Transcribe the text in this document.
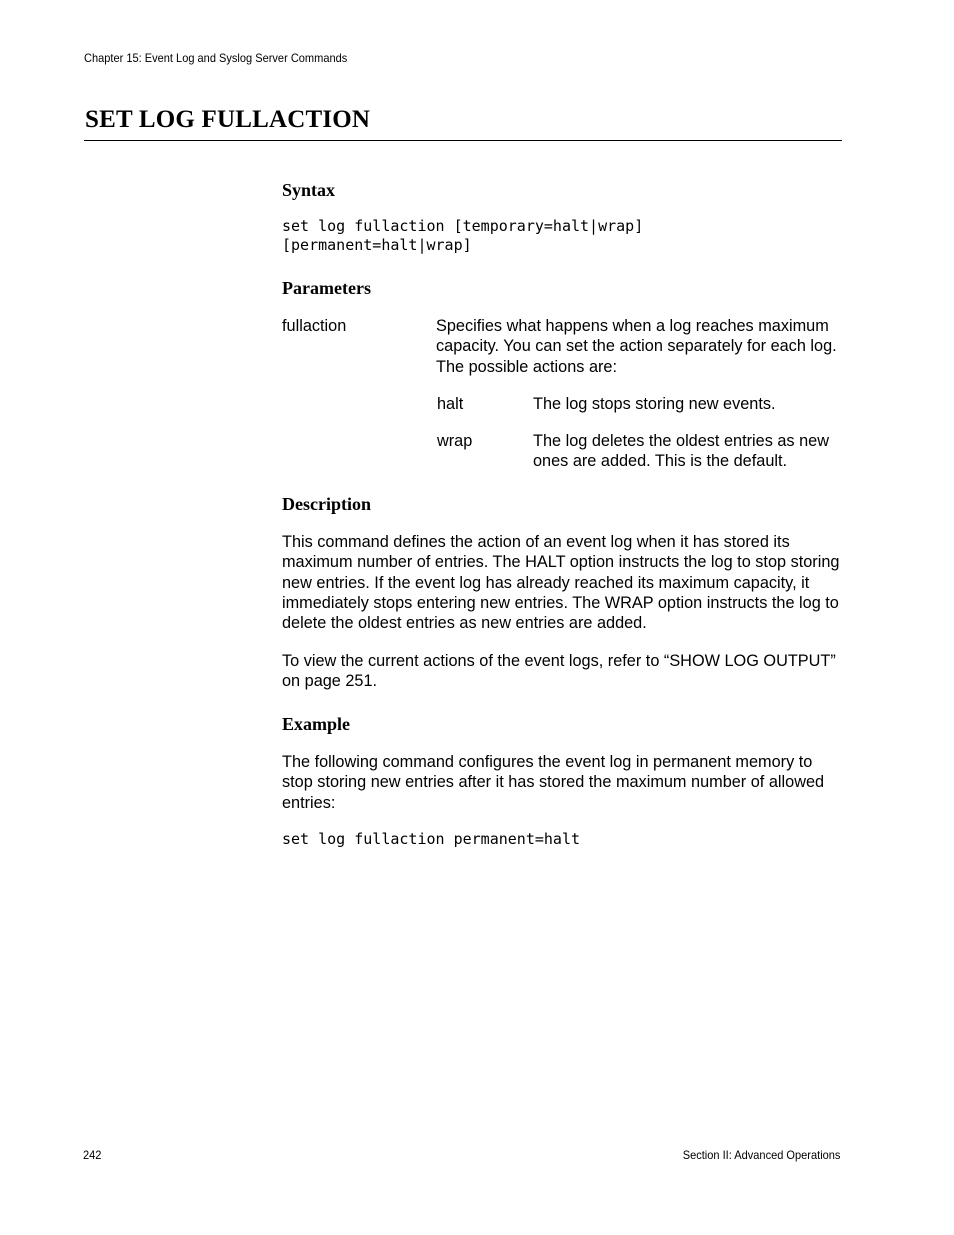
Chapter 15: Event Log and Syslog Server Commands
SET LOG FULLACTION
Syntax
set log fullaction [temporary=halt|wrap]
[permanent=halt|wrap]
Parameters
fullaction	Specifies what happens when a log reaches maximum capacity. You can set the action separately for each log. The possible actions are:
halt	The log stops storing new events.
wrap	The log deletes the oldest entries as new ones are added. This is the default.
Description
This command defines the action of an event log when it has stored its maximum number of entries. The HALT option instructs the log to stop storing new entries. If the event log has already reached its maximum capacity, it immediately stops entering new entries. The WRAP option instructs the log to delete the oldest entries as new entries are added.
To view the current actions of the event logs, refer to “SHOW LOG OUTPUT” on page 251.
Example
The following command configures the event log in permanent memory to stop storing new entries after it has stored the maximum number of allowed entries:
set log fullaction permanent=halt
242	Section II: Advanced Operations
